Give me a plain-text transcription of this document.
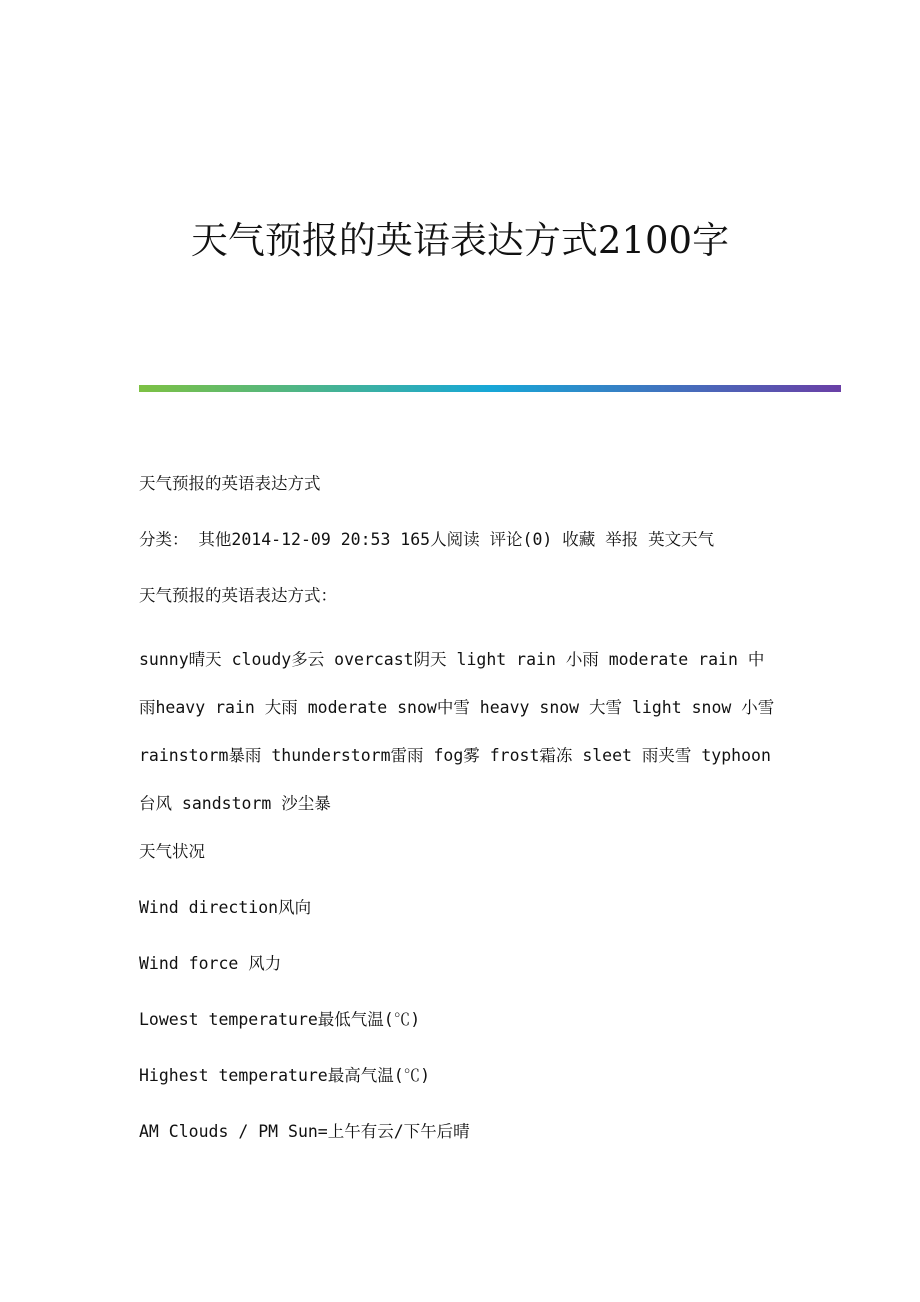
天气预报的英语表达方式2100字

天气预报的英语表达方式

分类： 其他2014-12-09 20:53 165人阅读 评论(0) 收藏 举报 英文天气

天气预报的英语表达方式：

sunny晴天 cloudy多云 overcast阴天 light rain 小雨 moderate rain 中
雨heavy rain 大雨 moderate snow中雪 heavy snow 大雪 light snow 小雪
rainstorm暴雨 thunderstorm雷雨 fog雾 frost霜冻 sleet 雨夹雪 typhoon
台风 sandstorm 沙尘暴

天气状况

Wind direction风向

Wind force 风力

Lowest temperature最低气温(℃)

Highest temperature最高气温(℃)

AM Clouds / PM Sun=上午有云/下午后晴
